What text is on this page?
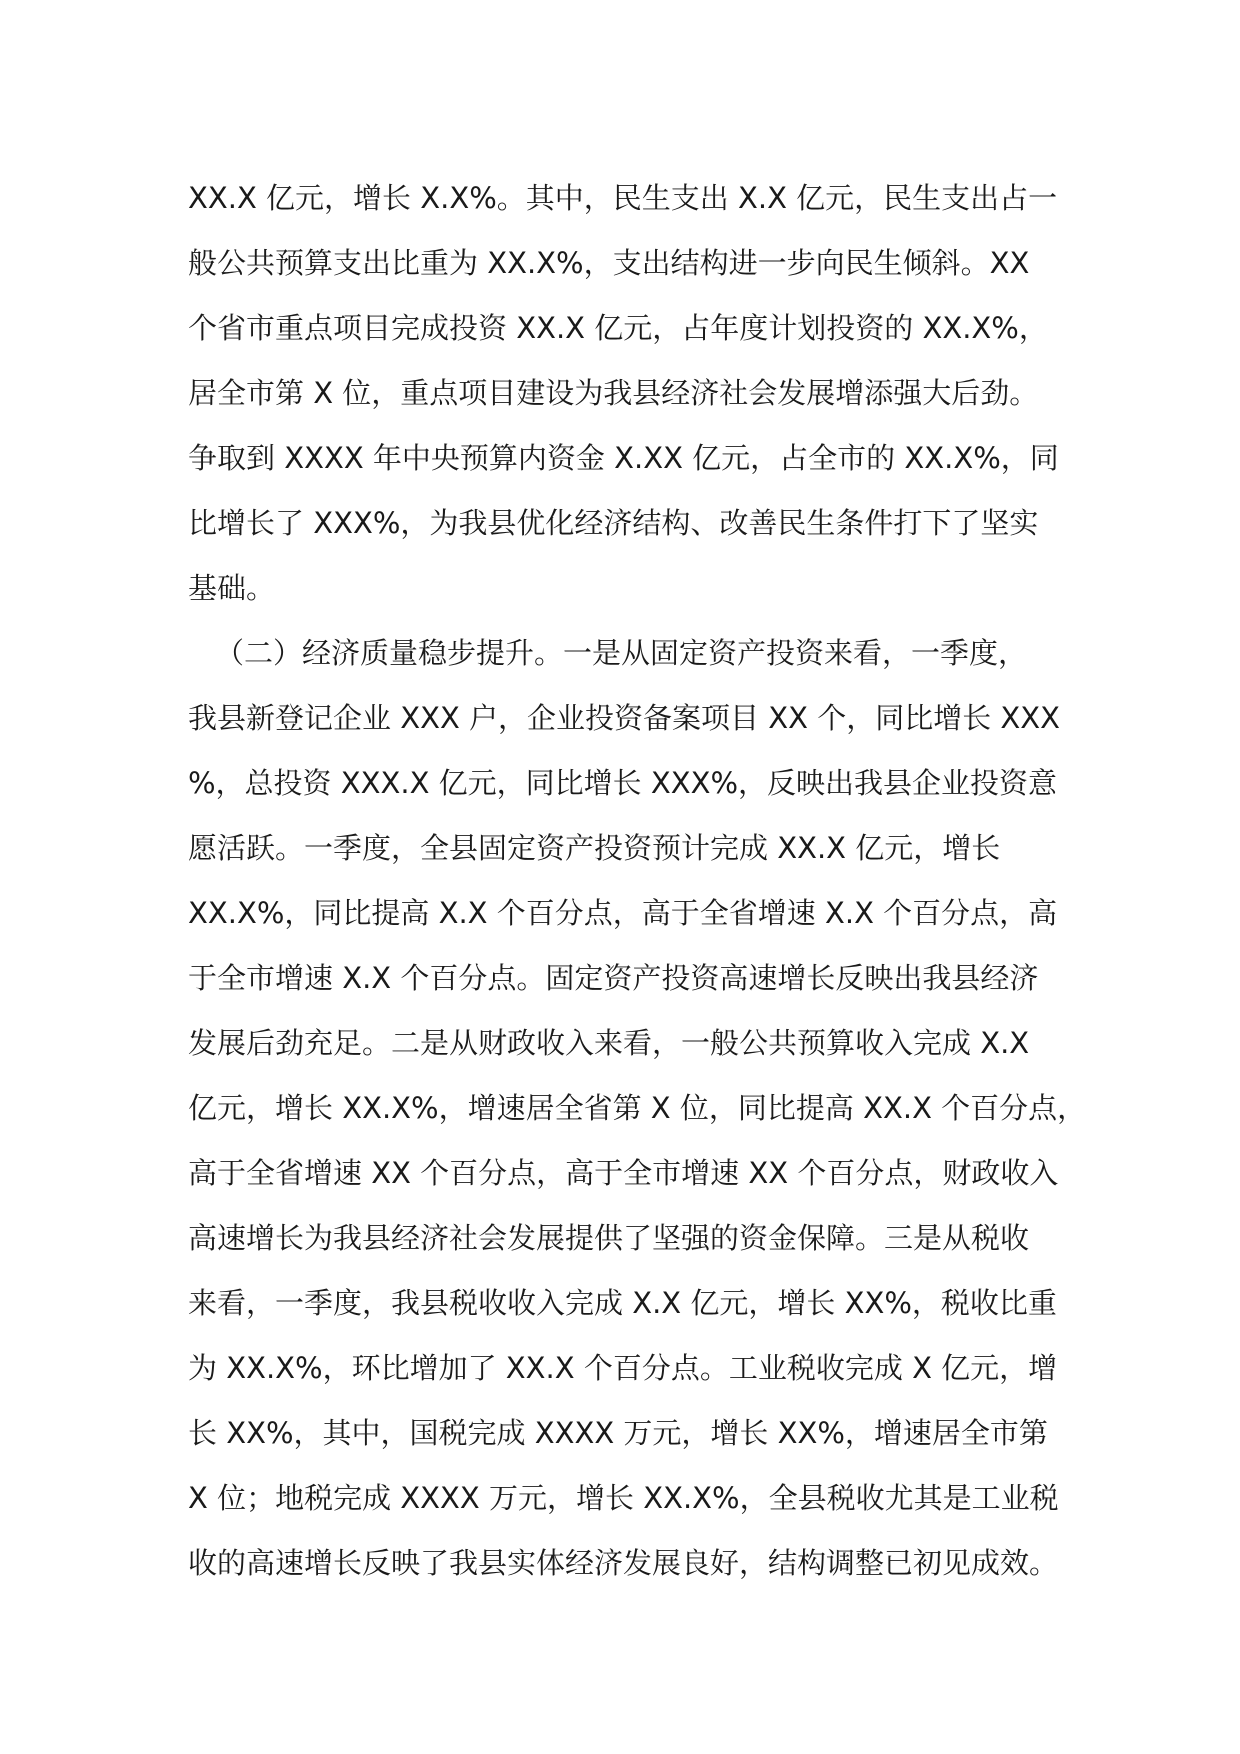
XX.X 亿元，增长 X.X%。其中，民生支出 X.X 亿元，民生支出占一
般公共预算支出比重为 XX.X%，支出结构进一步向民生倾斜。XX
个省市重点项目完成投资 XX.X 亿元，占年度计划投资的 XX.X%，
居全市第 X 位，重点项目建设为我县经济社会发展增添强大后劲。
争取到 XXXX 年中央预算内资金 X.XX 亿元，占全市的 XX.X%，同
比增长了 XXX%，为我县优化经济结构、改善民生条件打下了坚实
基础。
（二）经济质量稳步提升。一是从固定资产投资来看，一季度，
我县新登记企业 XXX 户，企业投资备案项目 XX 个，同比增长 XXX
%，总投资 XXX.X 亿元，同比增长 XXX%，反映出我县企业投资意
愿活跃。一季度，全县固定资产投资预计完成 XX.X 亿元，增长
XX.X%，同比提高 X.X 个百分点，高于全省增速 X.X 个百分点，高
于全市增速 X.X 个百分点。固定资产投资高速增长反映出我县经济
发展后劲充足。二是从财政收入来看，一般公共预算收入完成 X.X
亿元，增长 XX.X%，增速居全省第 X 位，同比提高 XX.X 个百分点，
高于全省增速 XX 个百分点，高于全市增速 XX 个百分点，财政收入
高速增长为我县经济社会发展提供了坚强的资金保障。三是从税收
来看，一季度，我县税收收入完成 X.X 亿元，增长 XX%，税收比重
为 XX.X%，环比增加了 XX.X 个百分点。工业税收完成 X 亿元，增
长 XX%，其中，国税完成 XXXX 万元，增长 XX%，增速居全市第
X 位；地税完成 XXXX 万元，增长 XX.X%，全县税收尤其是工业税
收的高速增长反映了我县实体经济发展良好，结构调整已初见成效。
